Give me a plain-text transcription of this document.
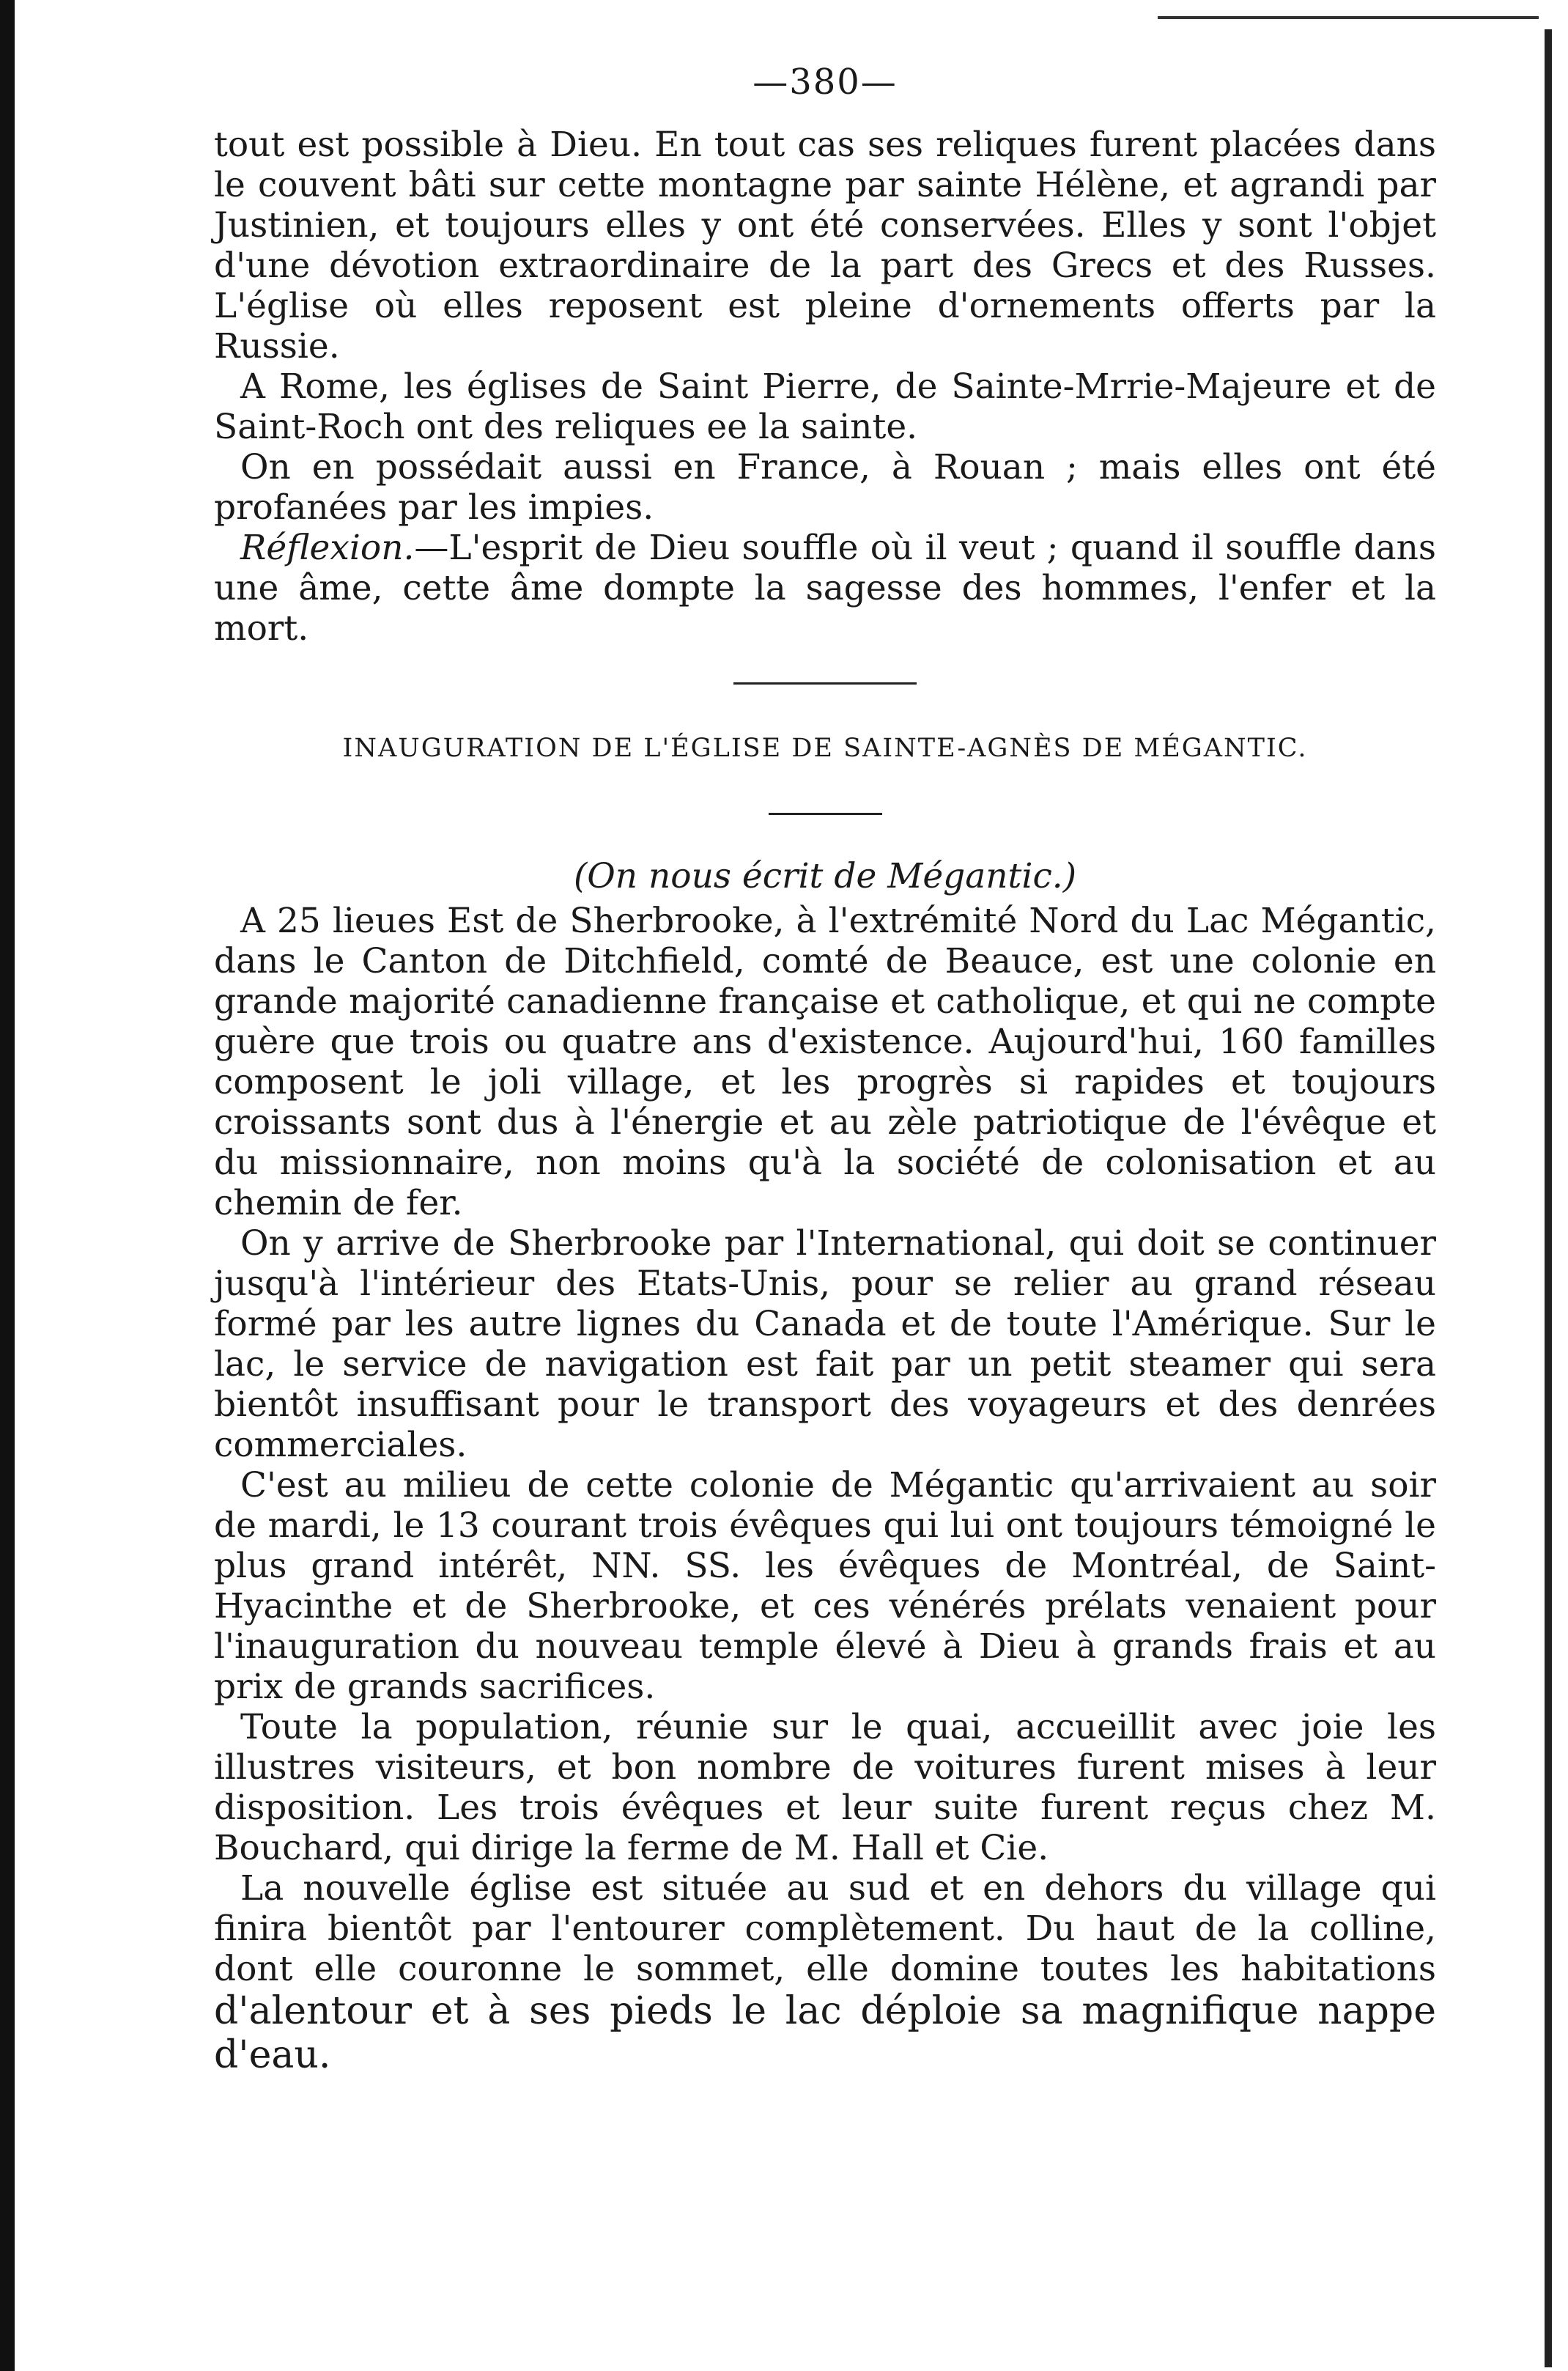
—380—

tout est possible à Dieu. En tout cas ses reliques furent placées dans le couvent bâti sur cette montagne par sainte Hélène, et agrandi par Justinien, et toujours elles y ont été conservées. Elles y sont l'objet d'une dévotion extraordinaire de la part des Grecs et des Russes. L'église où elles reposent est pleine d'ornements offerts par la Russie.

A Rome, les églises de Saint Pierre, de Sainte-Mrrie-Majeure et de Saint-Roch ont des reliques ee la sainte.

On en possédait aussi en France, à Rouan ; mais elles ont été profanées par les impies.

Réflexion.—L'esprit de Dieu souffle où il veut ; quand il souffle dans une âme, cette âme dompte la sagesse des hommes, l'enfer et la mort.

INAUGURATION DE L'ÉGLISE DE SAINTE-AGNÈS DE MÉGANTIC.
(On nous écrit de Mégantic.)

A 25 lieues Est de Sherbrooke, à l'extrémité Nord du Lac Mégantic, dans le Canton de Ditchfield, comté de Beauce, est une colonie en grande majorité canadienne française et catholique, et qui ne compte guère que trois ou quatre ans d'existence. Aujourd'hui, 160 familles composent le joli village, et les progrès si rapides et toujours croissants sont dus à l'énergie et au zèle patriotique de l'évêque et du missionnaire, non moins qu'à la société de colonisation et au chemin de fer.

On y arrive de Sherbrooke par l'International, qui doit se continuer jusqu'à l'intérieur des Etats-Unis, pour se relier au grand réseau formé par les autre lignes du Canada et de toute l'Amérique. Sur le lac, le service de navigation est fait par un petit steamer qui sera bientôt insuffisant pour le transport des voyageurs et des denrées commerciales.

C'est au milieu de cette colonie de Mégantic qu'arrivaient au soir de mardi, le 13 courant trois évêques qui lui ont toujours témoigné le plus grand intérêt, NN. SS. les évêques de Montréal, de Saint-Hyacinthe et de Sherbrooke, et ces vénérés prélats venaient pour l'inauguration du nouveau temple élevé à Dieu à grands frais et au prix de grands sacrifices.

Toute la population, réunie sur le quai, accueillit avec joie les illustres visiteurs, et bon nombre de voitures furent mises à leur disposition. Les trois évêques et leur suite furent reçus chez M. Bouchard, qui dirige la ferme de M. Hall et Cie.

La nouvelle église est située au sud et en dehors du village qui finira bientôt par l'entourer complètement. Du haut de la colline, dont elle couronne le sommet, elle domine toutes les habitations d'alentour et à ses pieds le lac déploie sa magnifique nappe d'eau.
